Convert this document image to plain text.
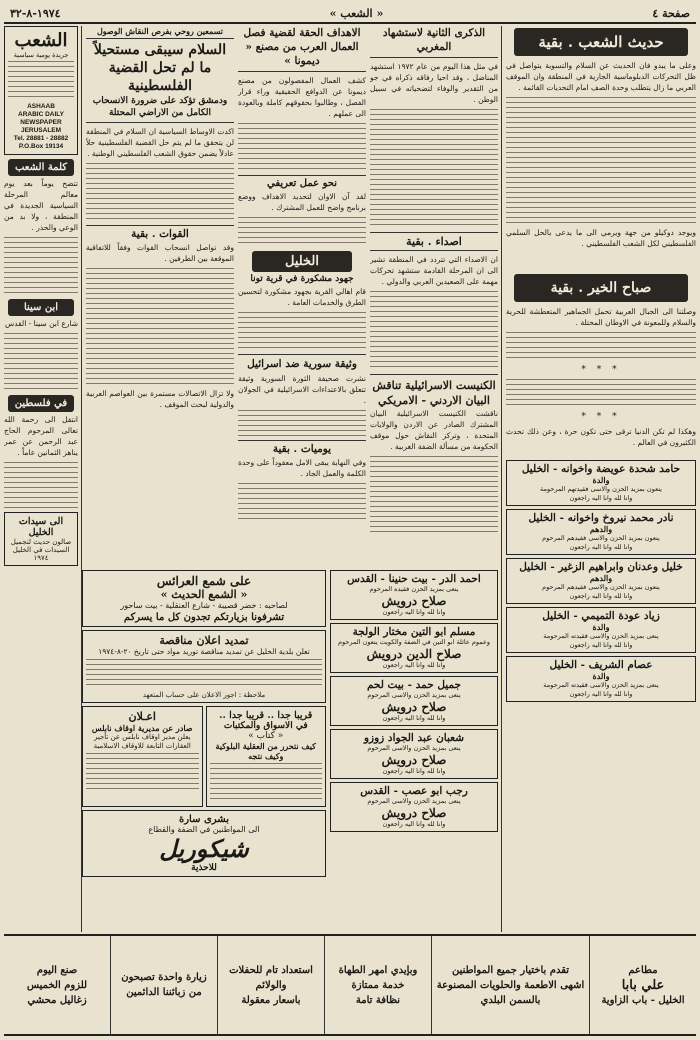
صفحة ٤
« الشعب »
١٩٧٤-٨-٣٢
حديث الشعب . بقية

وعلى ما يبدو فان الحديث عن السلام والتسوية يتواصل في ظل التحركات الدبلوماسية الجارية في المنطقة وان الموقف العربي ما زال يتطلب وحدة الصف امام التحديات القائمة .

ويوجد دوكيلو من جهة ويرمي الى ما يدعى بالحل السلمي الفلسطيني لكل الشعب الفلسطيني .

صباح الخير . بقية

وصلتنا الى الجبال العربية تحمل الجماهير المتعطشة للحرية والسلام وللمعونة في الاوطان المحتلة .

* * *
* * *

وهكذا لم تكن الدنيا ترقى حتى تكون حرة ، وعن ذلك تحدث الكثيرون في العالم .

حامد شحدة عويضة واخوانه - الخليل
والدة
ينعون بمزيد الحزن والاسى فقيدتهم المرحومة
وانا لله وانا اليه راجعون
نادر محمد نيروخ واخوانه - الخليل
والدهم
ينعون بمزيد الحزن والاسى فقيدهم المرحوم
وانا لله وانا اليه راجعون
خليل وعدنان وابراهيم الزغير - الخليل
والدهم
ينعون بمزيد الحزن والاسى فقيدهم المرحوم
وانا لله وانا اليه راجعون
زياد عودة التميمي - الخليل
والدة
ينعى بمزيد الحزن والاسى فقيدته المرحومة
وانا لله وانا اليه راجعون
عصام الشريف - الخليل
والدة
ينعى بمزيد الحزن والاسى فقيدته المرحومة
وانا لله وانا اليه راجعون
الذكرى الثانية لاستشهاد المغربي

في مثل هذا اليوم من عام ١٩٧٢ استشهد المناضل ، وقد احيا رفاقه ذكراه في جو من التقدير والوفاء لتضحياته في سبيل الوطن .

اصداء . بقية

ان الاصداء التي تتردد في المنطقة تشير الى ان المرحلة القادمة ستشهد تحركات مهمة على الصعيدين العربي والدولي .

الكنيست الاسرائيلية تناقش البيان الاردني - الامريكي

ناقشت الكنيست الاسرائيلية البيان المشترك الصادر عن الاردن والولايات المتحدة ، وتركز النقاش حول موقف الحكومة من مسألة الضفة الغربية .

الاهداف الحقة لقضية فصل العمال العرب من مصنع « ديمونا »

كشف العمال المفصولون من مصنع ديمونا عن الدوافع الحقيقية وراء قرار الفصل ، وطالبوا بحقوقهم كاملة وبالعودة الى عملهم .

نحو عمل تعريفي

لقد آن الاوان لتحديد الاهداف ووضع برنامج واضح للعمل المشترك .

الخليل
جهود مشكورة في قرية تونا

قام اهالي القرية بجهود مشكورة لتحسين الطرق والخدمات العامة .

وثيقة سورية ضد اسرائيل

نشرت صحيفة الثورة السورية وثيقة تتعلق بالاعتداءات الاسرائيلية في الجولان .

يوميات . بقية

وفي النهاية يبقى الامل معقوداً على وحدة الكلمة والعمل الجاد .

تسمعين روحي بفرص النقاش الوصول
السلام سيبقى مستحيلاً ما لم تحل القضية الفلسطينية
ودمشق تؤكد على ضرورة الانسحاب الكامل من الاراضي المحتلة

اكدت الاوساط السياسية ان السلام في المنطقة لن يتحقق ما لم يتم حل القضية الفلسطينية حلاً عادلاً يضمن حقوق الشعب الفلسطيني الوطنية .

القوات . بقية

وقد تواصل انسحاب القوات وفقاً للاتفاقية الموقعة بين الطرفين .

ولا تزال الاتصالات مستمرة بين العواصم العربية والدولية لبحث الموقف .

الشعب
جريدة يومية سياسية
ASHAAB
ARABIC DAILY
NEWSPAPER
JERUSALEM
Tel. 28881 - 28882
P.O.Box 19134
كلمة الشعب

تتضح يوماً بعد يوم معالم المرحلة السياسية الجديدة في المنطقة ، ولا بد من الوعي والحذر .

ابن سينا

شارع ابن سينا - القدس

في فلسطين

انتقل الى رحمة الله تعالى المرحوم الحاج عبد الرحمن عن عمر يناهز الثمانين عاماً .

الى سيدات الخليل
صالون حديث لتجميل السيدات في الخليل ١٩٧٤
احمد الدر - بيت حنينا - القدس
ينعى بمزيد الحزن فقيده المرحوم
صلاح درويش
وانا لله وانا اليه راجعون
مسلم ابو التين مختار الولجة
وعموم عائلة ابو التين في الضفة والكويت ينعون المرحوم
صلاح الدين درويش
وانا لله وانا اليه راجعون
جميل حمد - بيت لحم
ينعى بمزيد الحزن والاسى المرحوم
صلاح درويش
وانا لله وانا اليه راجعون
شعبان عبد الجواد زوزو
ينعى بمزيد الحزن والاسى المرحوم
صلاح درويش
وانا لله وانا اليه راجعون
رجب ابو عصب - القدس
ينعى بمزيد الحزن والاسى المرحوم
صلاح درويش
وانا لله وانا اليه راجعون
على شمع العرائس
« الشمع الحديث »
لصاحبه : خضر قصيبة - شارع العنقلية - بيت ساحور
تشرفونا بزيارتكم تجدون كل ما يسركم
تمديد اعلان مناقصة
تعلن بلدية الخليل عن تمديد مناقصة توريد مواد حتى تاريخ ٢٠-٨-١٩٧٤
ملاحظة : اجور الاعلان على حساب المتعهد
قريبا جدا .. قريبا جدا ..
في الاسواق والمكتبات
« كتاب »
كيف نتحرر من العقلية البلوكية وكيف نتجه
اعـلان
صادر عن مديرية اوقاف نابلس
يعلن مدير اوقاف نابلس عن تأجير العقارات التابعة للاوقاف الاسلامية
بشرى سارة
الى المواطنين في الضفة والقطاع
شيكوريل
للاحذية
مطاعم
علي بابا
الخليل - باب الزاوية
تقدم باختيار جميع المواطنين
اشهى الاطعمة والحلويات المصنوعة
بالسمن البلدي
وبإيدي امهر الطهاة
خدمة ممتازة
نظافة تامة
استعداد تام للحفلات
والولائم
باسعار معقولة
زيارة واحدة تصبحون
من زبائننا الدائمين
صنع اليوم
للزوم الخميس
زغاليل محشي
